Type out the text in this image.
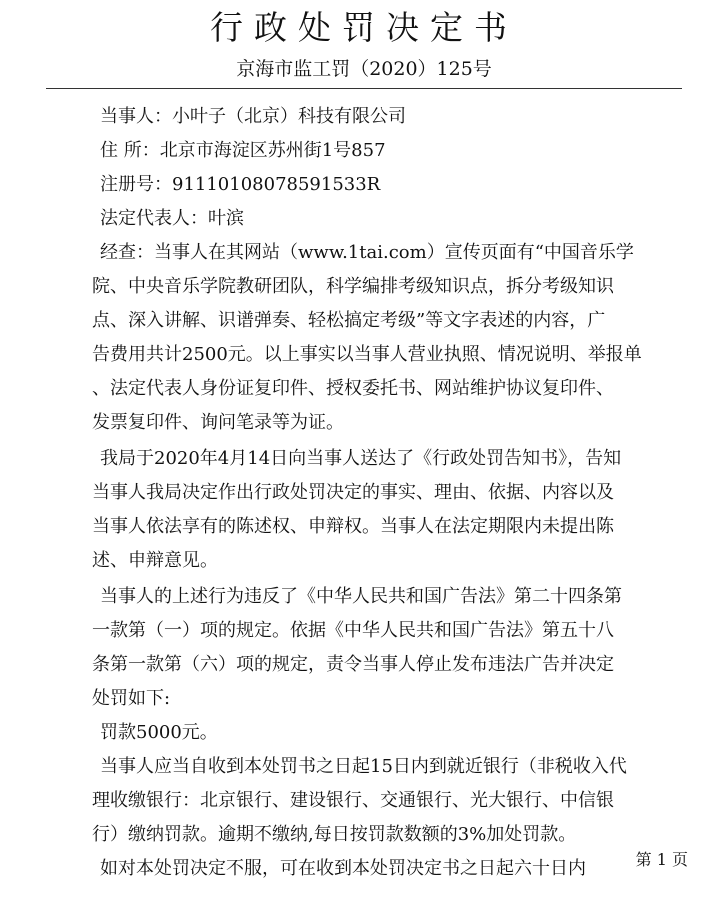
行政处罚决定书
京海市监工罚（2020）125号
当事人：小叶子（北京）科技有限公司
住 所：北京市海淀区苏州街1号857
注册号：91110108078591533R
法定代表人：叶滨
经查：当事人在其网站（www.1tai.com）宣传页面有“中国音乐学
院、中央音乐学院教研团队，科学编排考级知识点，拆分考级知识
点、深入讲解、识谱弹奏、轻松搞定考级”等文字表述的内容，广
告费用共计2500元。以上事实以当事人营业执照、情况说明、举报单
、法定代表人身份证复印件、授权委托书、网站维护协议复印件、
发票复印件、询问笔录等为证。
我局于2020年4月14日向当事人送达了《行政处罚告知书》，告知
当事人我局决定作出行政处罚决定的事实、理由、依据、内容以及
当事人依法享有的陈述权、申辩权。当事人在法定期限内未提出陈
述、申辩意见。
当事人的上述行为违反了《中华人民共和国广告法》第二十四条第
一款第（一）项的规定。依据《中华人民共和国广告法》第五十八
条第一款第（六）项的规定，责令当事人停止发布违法广告并决定
处罚如下:
罚款5000元。
当事人应当自收到本处罚书之日起15日内到就近银行（非税收入代
理收缴银行：北京银行、建设银行、交通银行、光大银行、中信银
行）缴纳罚款。逾期不缴纳,每日按罚款数额的3%加处罚款。
如对本处罚决定不服，可在收到本处罚决定书之日起六十日内	第 1 页
